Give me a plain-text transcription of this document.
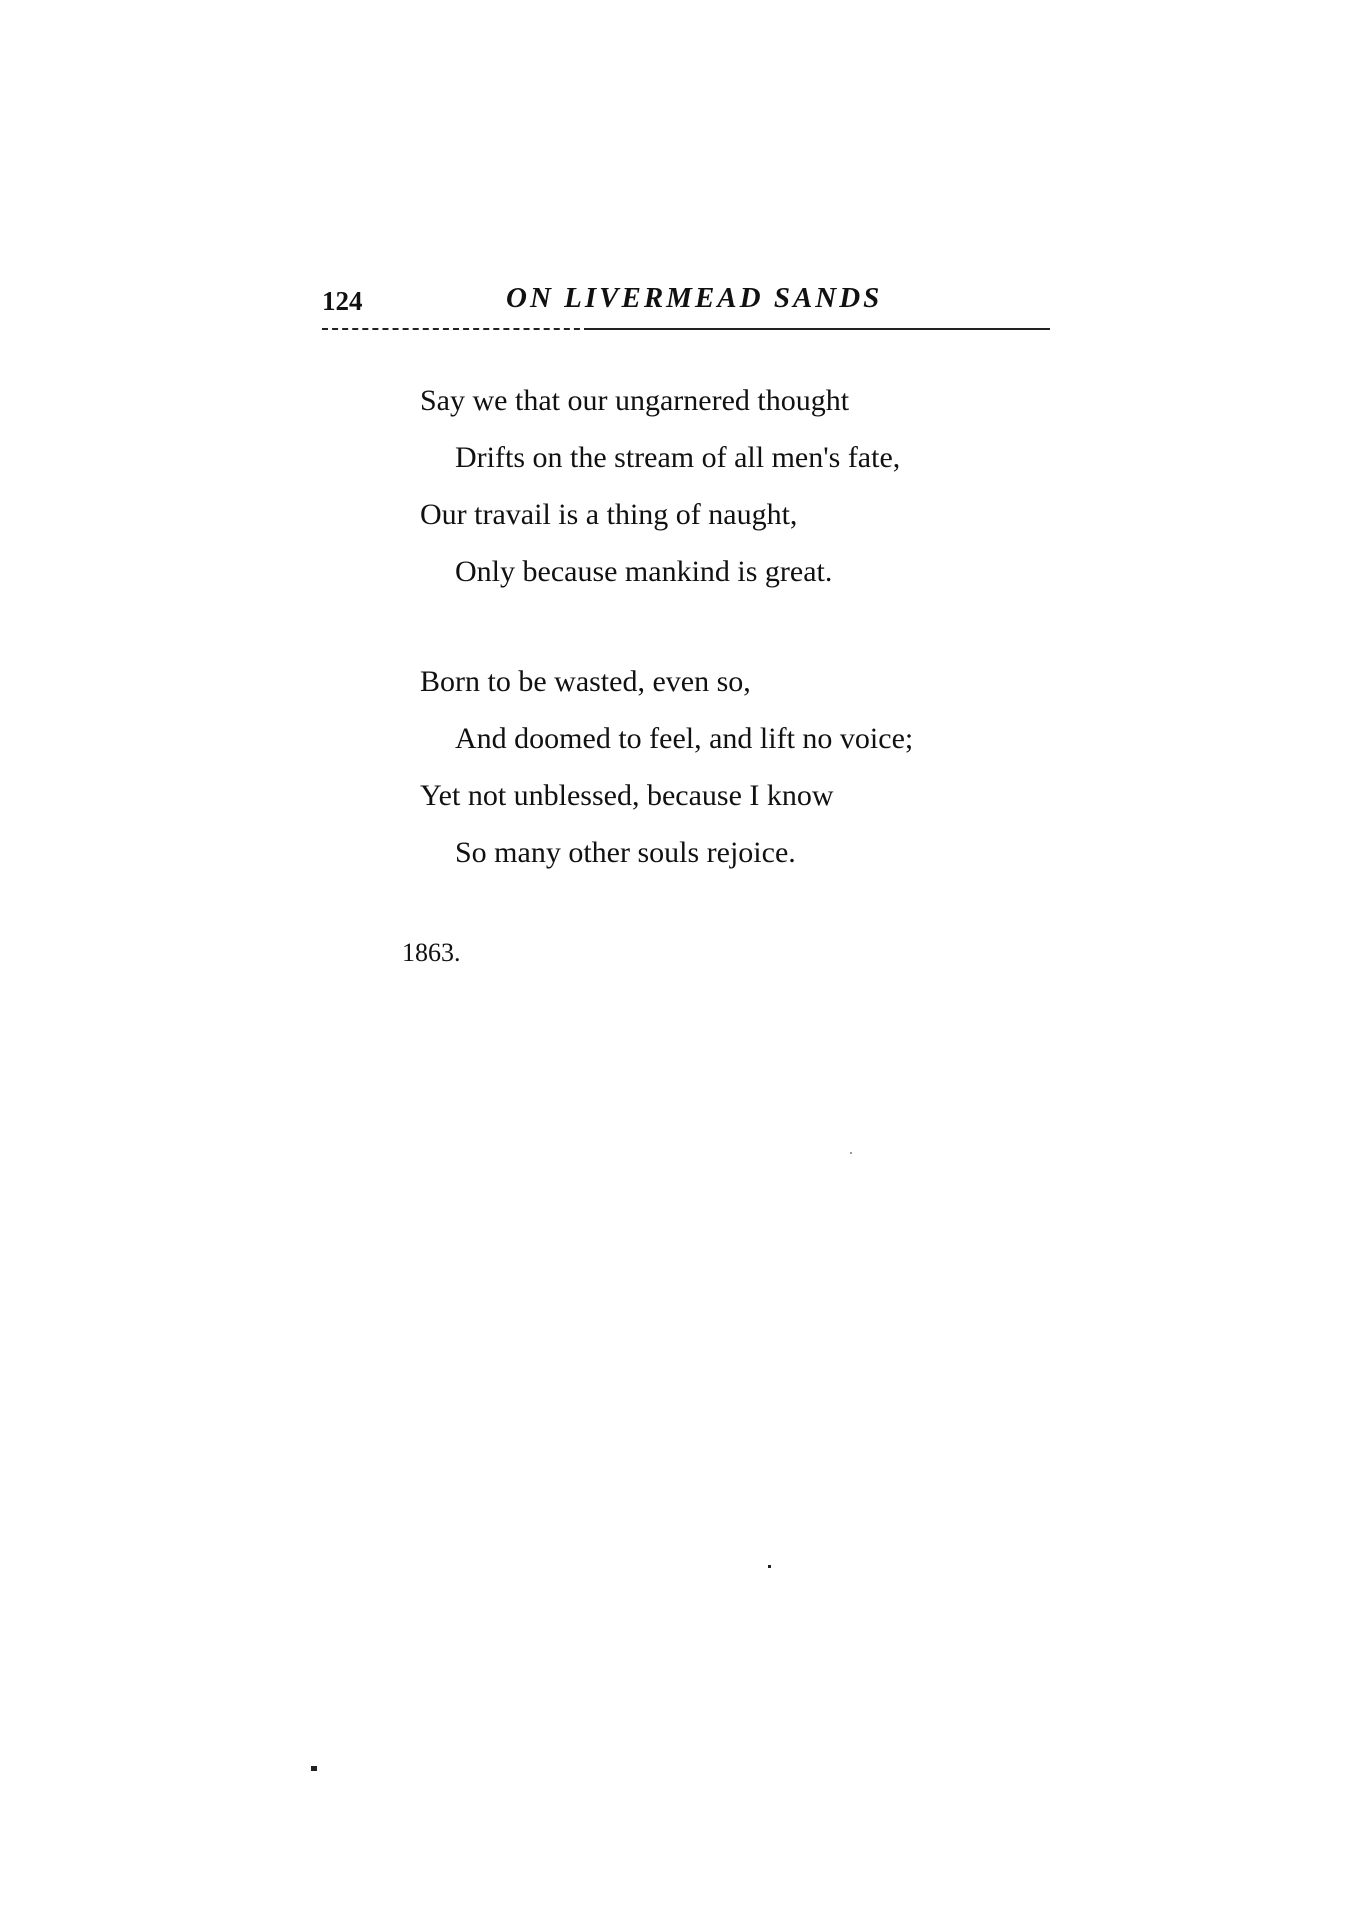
124	ON LIVERMEAD SANDS
Say we that our ungarnered thought
Drifts on the stream of all men's fate,
Our travail is a thing of naught,
Only because mankind is great.
Born to be wasted, even so,
And doomed to feel, and lift no voice;
Yet not unblessed, because I know
So many other souls rejoice.
1863.
